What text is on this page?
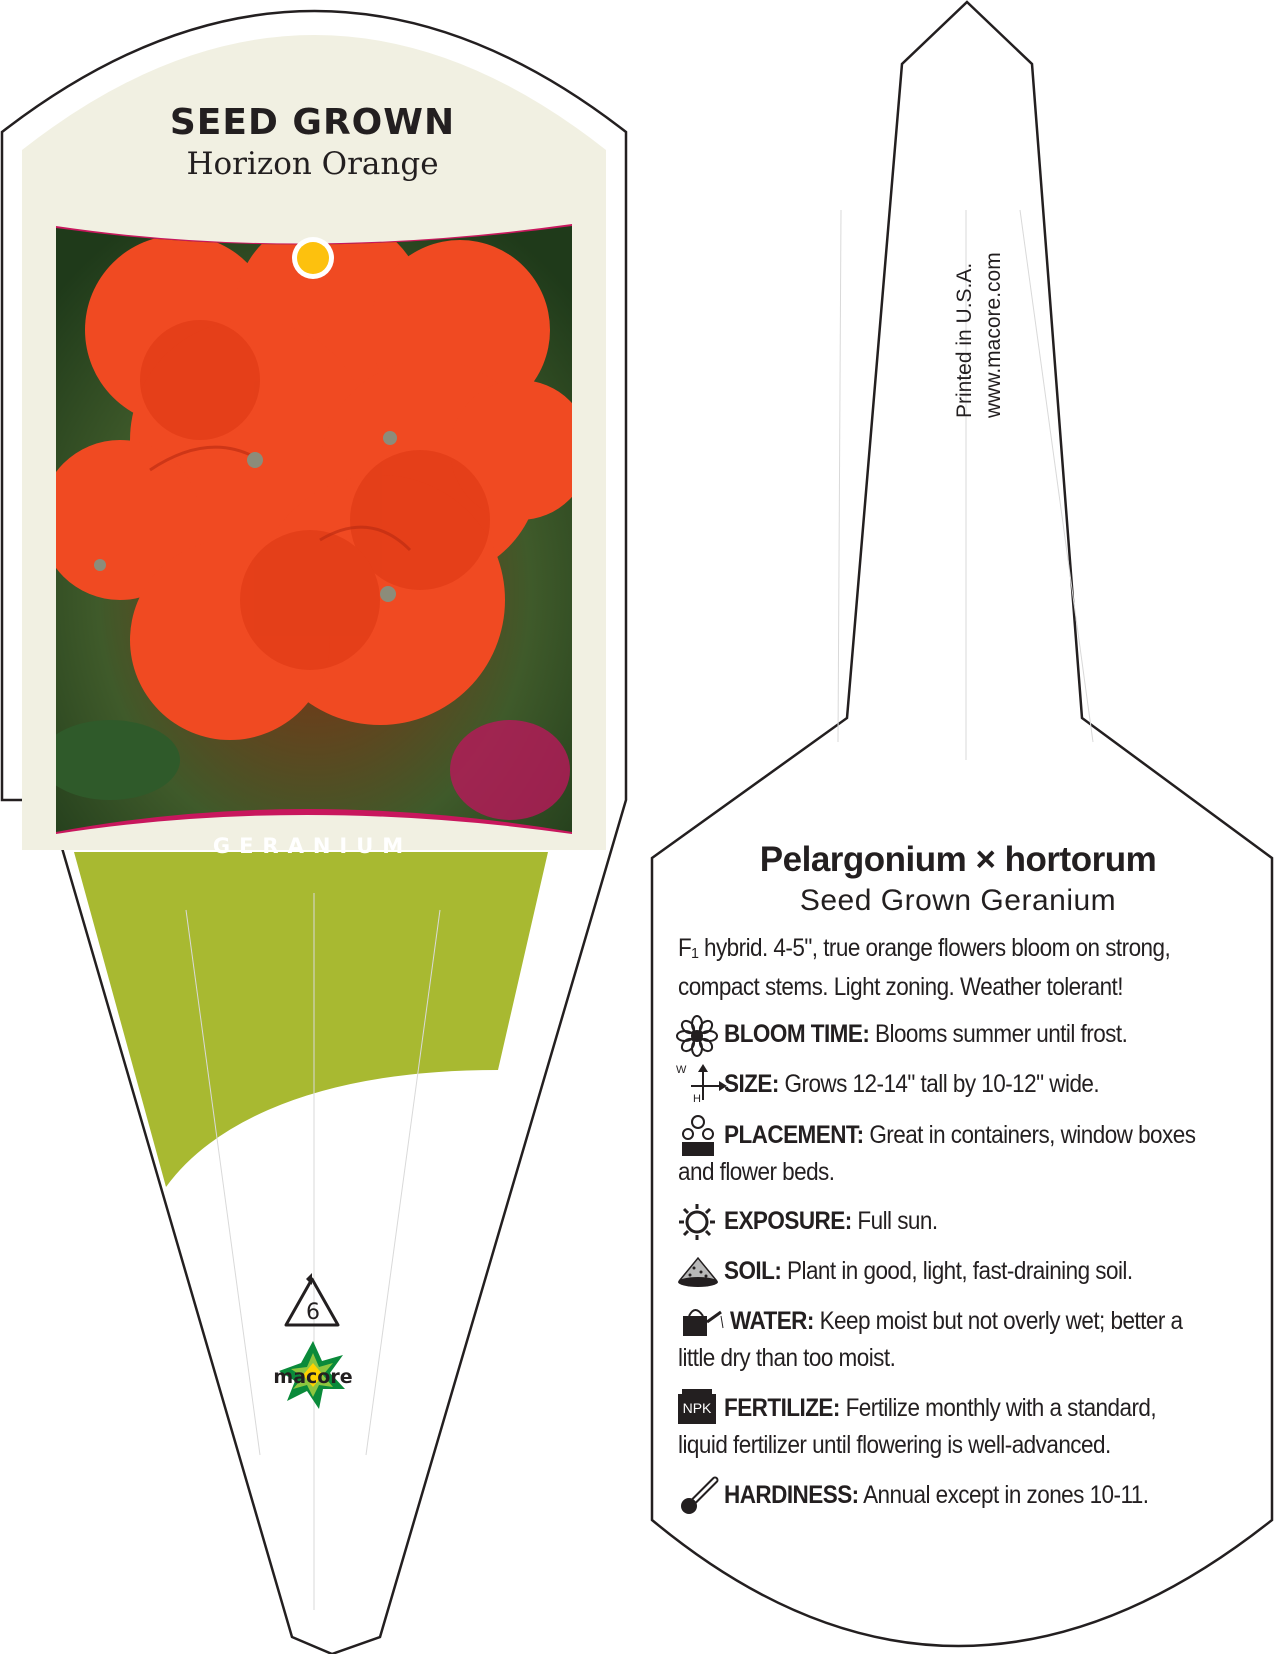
SEED GROWN
Horizon Orange
GERANIUM
6
macore
Printed in U.S.A. www.macore.com
Pelargonium × hortorum
Seed Grown Geranium
F₁ hybrid. 4-5", true orange flowers bloom on strong,
compact stems. Light zoning. Weather tolerant!
BLOOM TIME: Blooms summer until frost.
W
H
SIZE: Grows 12-14" tall by 10-12" wide.
PLACEMENT: Great in containers, window boxes
and flower beds.
EXPOSURE: Full sun.
SOIL: Plant in good, light, fast-draining soil.
WATER: Keep moist but not overly wet; better a
little dry than too moist.
NPK FERTILIZE: Fertilize monthly with a standard,
liquid fertilizer until flowering is well-advanced.
HARDINESS: Annual except in zones 10-11.
